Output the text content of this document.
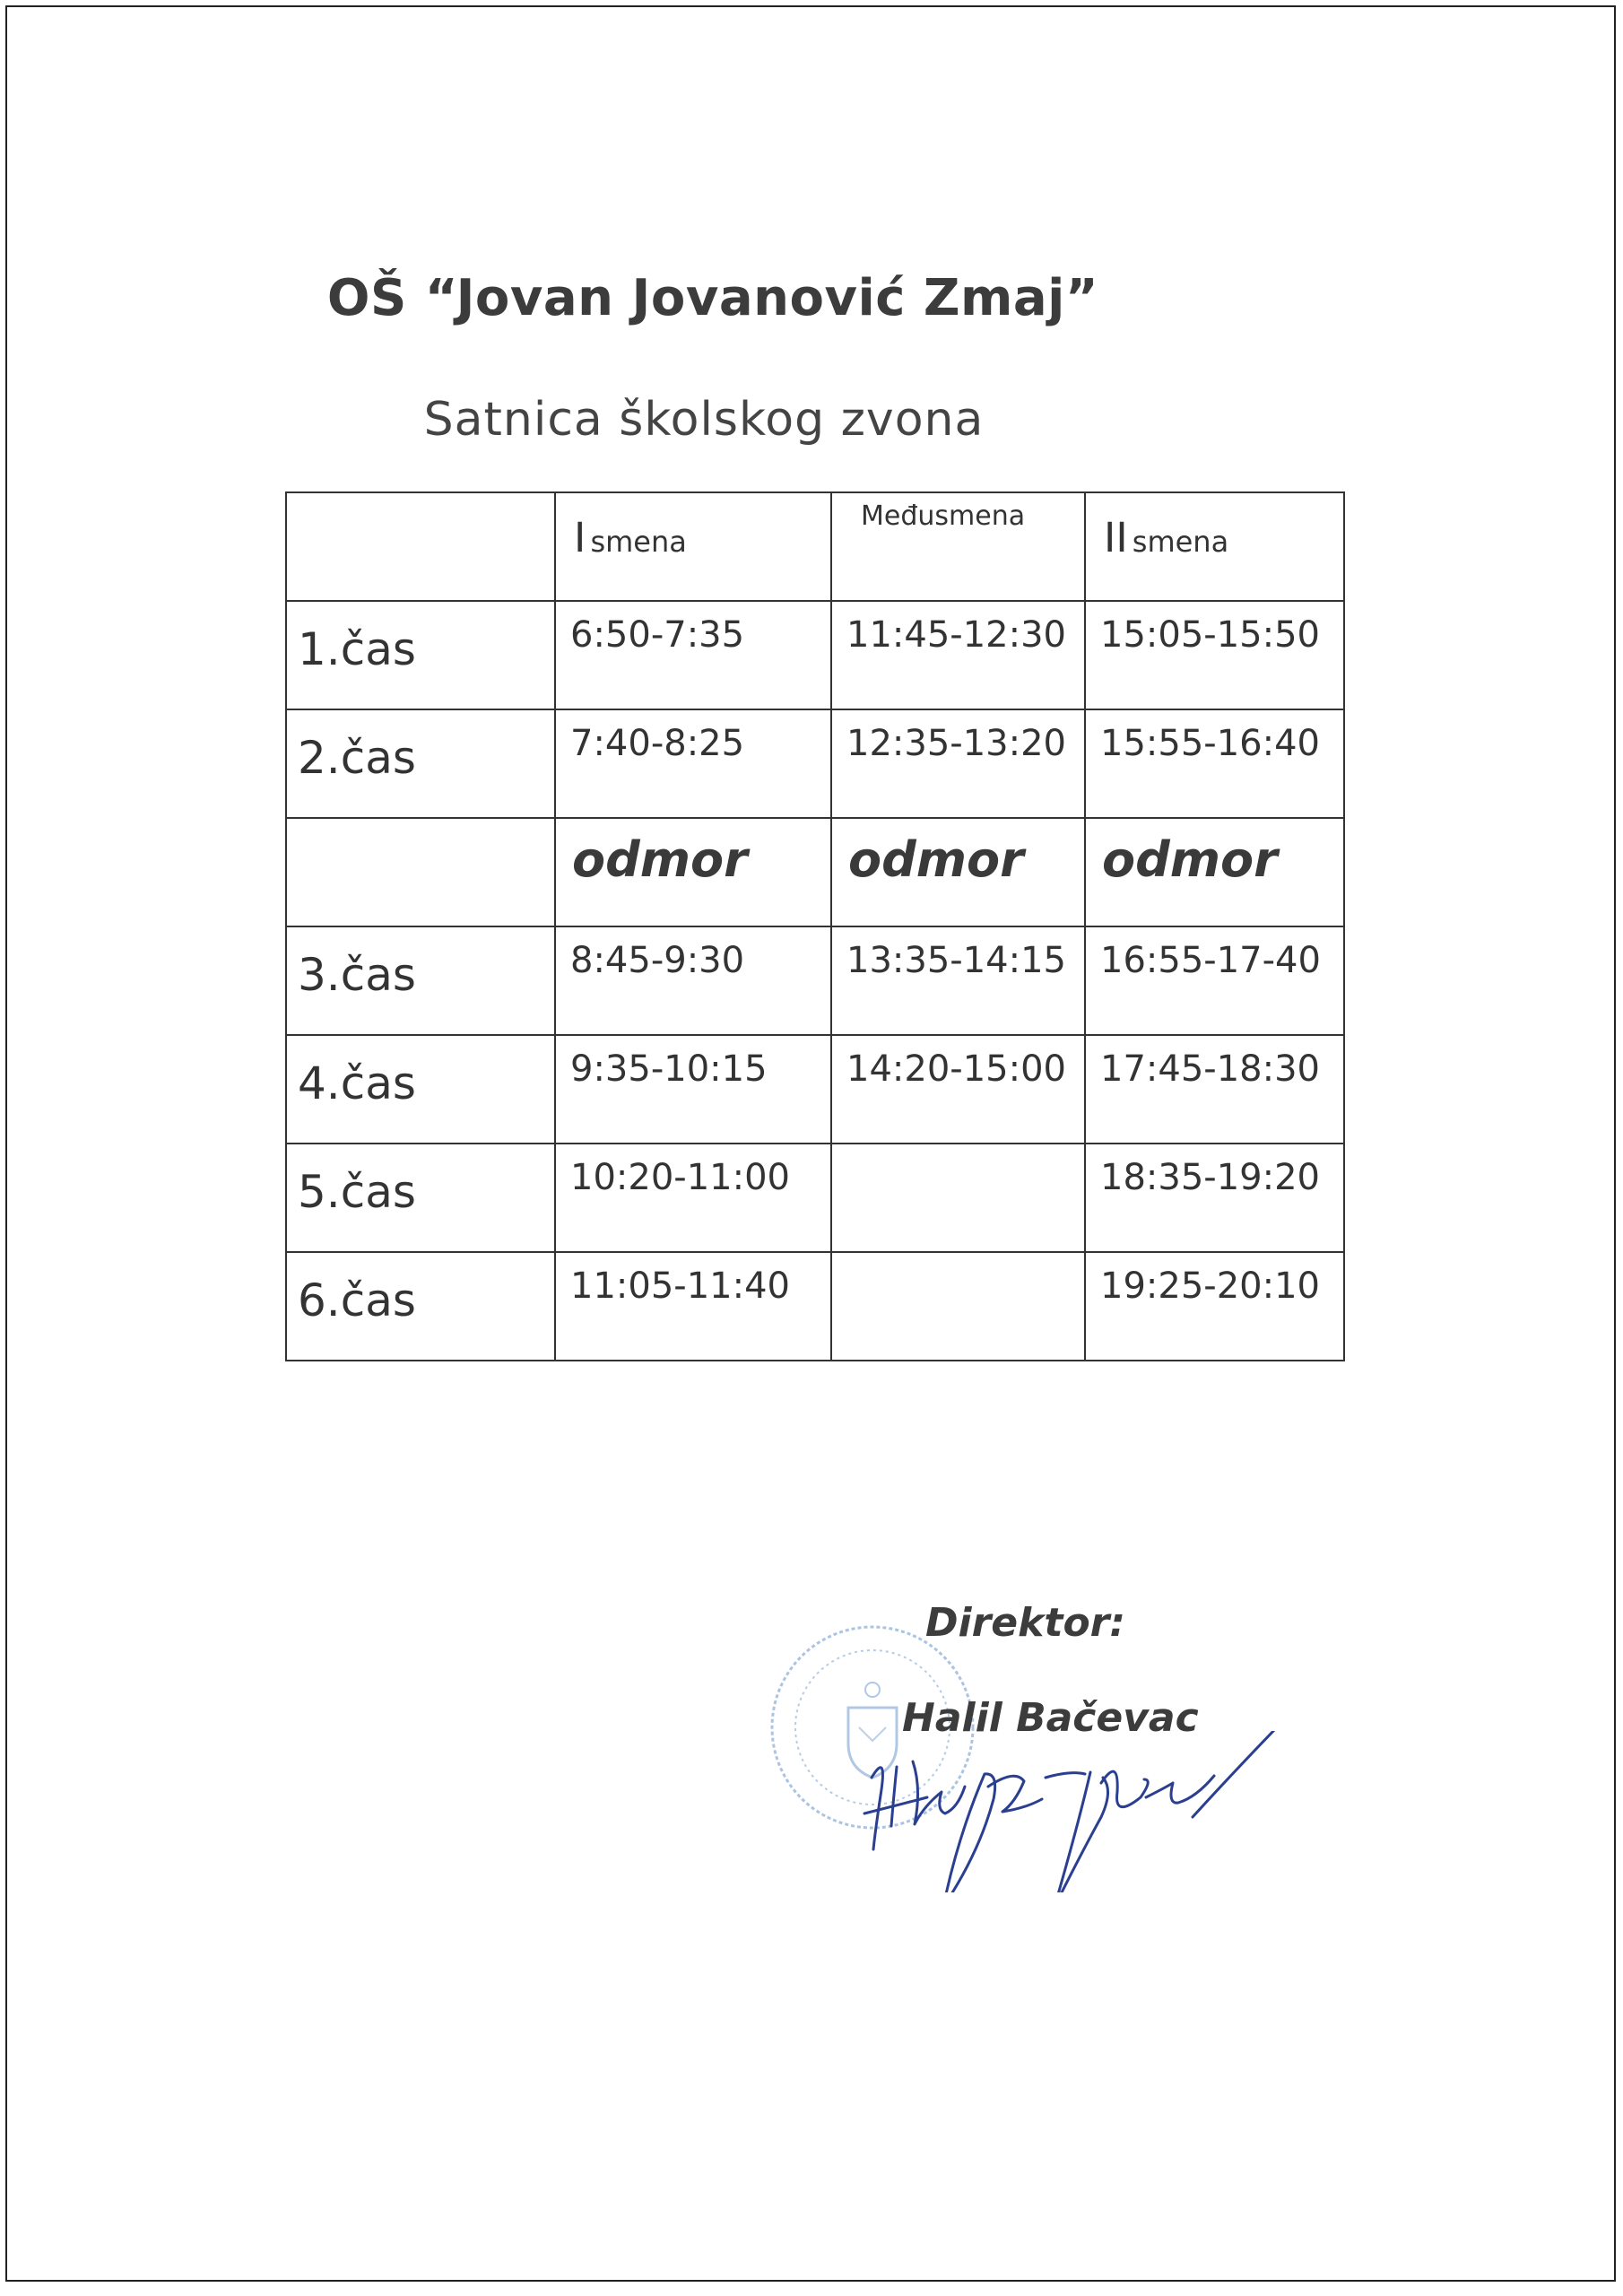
OŠ “Jovan Jovanović Zmaj”
Satnica školskog zvona

	I smena	Međusmena	II smena

1.čas	6:50-7:35	11:45-12:30	15:05-15:50

2.čas	7:40-8:25	12:35-13:20	15:55-16:40

	odmor	odmor	odmor

3.čas	8:45-9:30	13:35-14:15	16:55-17-40

4.čas	9:35-10:15	14:20-15:00	17:45-18:30

5.čas	10:20-11:00		18:35-19:20

6.čas	11:05-11:40		19:25-20:10
Direktor:
Halil Bačevac
